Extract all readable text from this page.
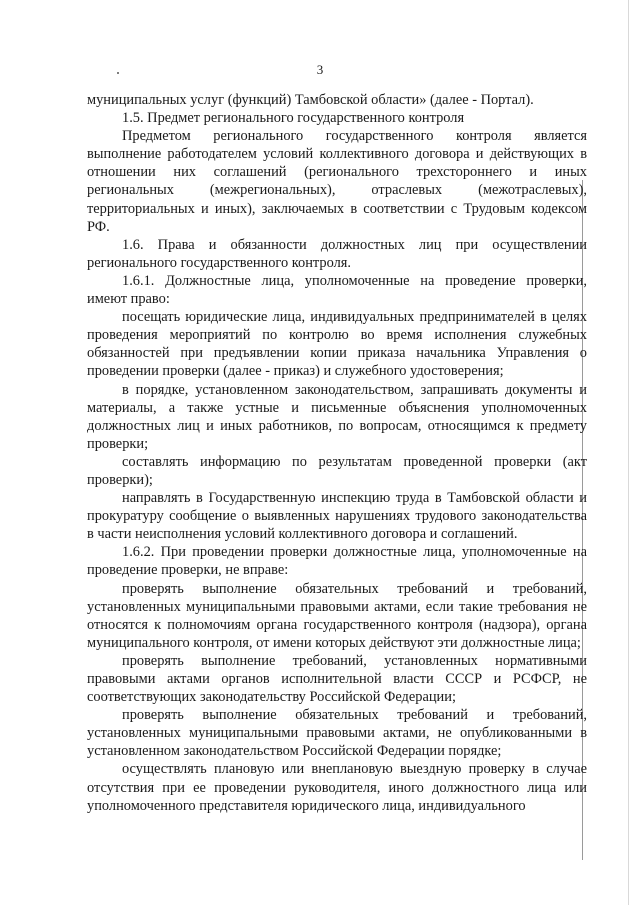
3

муниципальных услуг (функций) Тамбовской области» (далее - Портал).

1.5. Предмет регионального государственного контроля

Предметом регионального государственного контроля является выполнение работодателем условий коллективного договора и действующих в отношении них соглашений (регионального трехстороннего и иных региональных (межрегиональных), отраслевых (межотраслевых), территориальных и иных), заключаемых в соответствии с Трудовым кодексом РФ.

1.6. Права и обязанности должностных лиц при осуществлении регионального государственного контроля.

1.6.1. Должностные лица, уполномоченные на проведение проверки, имеют право:

посещать юридические лица, индивидуальных предпринимателей в целях проведения мероприятий по контролю во время исполнения служебных обязанностей при предъявлении копии приказа начальника Управления о проведении проверки (далее - приказ) и служебного удостоверения;

в порядке, установленном законодательством, запрашивать документы и материалы, а также устные и письменные объяснения уполномоченных должностных лиц и иных работников, по вопросам, относящимся к предмету проверки;

составлять информацию по результатам проведенной проверки (акт проверки);

направлять в Государственную инспекцию труда в Тамбовской области и прокуратуру сообщение о выявленных нарушениях трудового законодательства в части неисполнения условий коллективного договора и соглашений.

1.6.2. При проведении проверки должностные лица, уполномоченные на проведение проверки, не вправе:

проверять выполнение обязательных требований и требований, установленных муниципальными правовыми актами, если такие требования не относятся к полномочиям органа государственного контроля (надзора), органа муниципального контроля, от имени которых действуют эти должностные лица;

проверять выполнение требований, установленных нормативными правовыми актами органов исполнительной власти СССР и РСФСР, не соответствующих законодательству Российской Федерации;

проверять выполнение обязательных требований и требований, установленных муниципальными правовыми актами, не опубликованными в установленном законодательством Российской Федерации порядке;

осуществлять плановую или внеплановую выездную проверку в случае отсутствия при ее проведении руководителя, иного должностного лица или уполномоченного представителя юридического лица, индивидуального
